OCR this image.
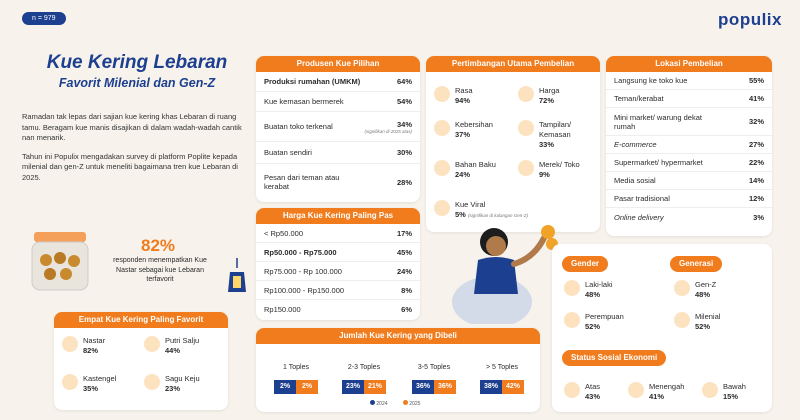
n = 979	populix
Kue Kering Lebaran
Favorit Milenial dan Gen-Z

Ramadan tak lepas dari sajian kue kering khas Lebaran di ruang tamu. Beragam kue manis disajikan di dalam wadah-wadah cantik nan menarik.

Tahun ini Populix mengadakan survey di platform Poplite kepada milenial dan gen-Z untuk meneliti bagaimana tren kue Lebaran di 2025.

82%
responden menempatkan Kue Nastar sebagai kue Lebaran terfavorit
Empat Kue Kering Paling Favorit
Nastar
82%
Putri Salju
44%
Kastengel
35%
Sagu Keju
23%
Produsen Kue Pilihan
Produksi rumahan (UMKM)	64%
Kue kemasan bermerek	54%
Buatan toko terkenal	34%
(signifikan di 2025 atas)
Buatan sendiri	30%
Pesan dari teman atau kerabat	28%
Harga Kue Kering Paling Pas
< Rp50.000	17%
Rp50.000 - Rp75.000	45%
Rp75.000 - Rp 100.000	24%
Rp100.000 - Rp150.000	8%
Rp150.000	6%
Pertimbangan Utama Pembelian
Rasa
94%
Harga
72%
Kebersihan
37%
Tampilan/ Kemasan
33%
Bahan Baku
24%
Merek/ Toko
9%
Kue Viral
5% (signifikan di kalangan Gen-Z)
Lokasi Pembelian
Langsung ke toko kue	55%
Teman/kerabat	41%
Mini market/ warung dekat rumah	32%
E-commerce	27%
Supermarket/ hypermarket	22%
Media sosial	14%
Pasar tradisional	12%
Online delivery	3%
Jumlah Kue Kering yang Dibeli
1 Toples
2% 2%
2-3 Toples
23% 21%
3-5 Toples
36% 36%
> 5 Toples
38% 42%
2024	2025
Gender
Laki-laki
48%
Perempuan
52%
Generasi
Gen-Z
48%
Milenial
52%
Status Sosial Ekonomi
Atas
43%
Menengah
41%
Bawah
15%
